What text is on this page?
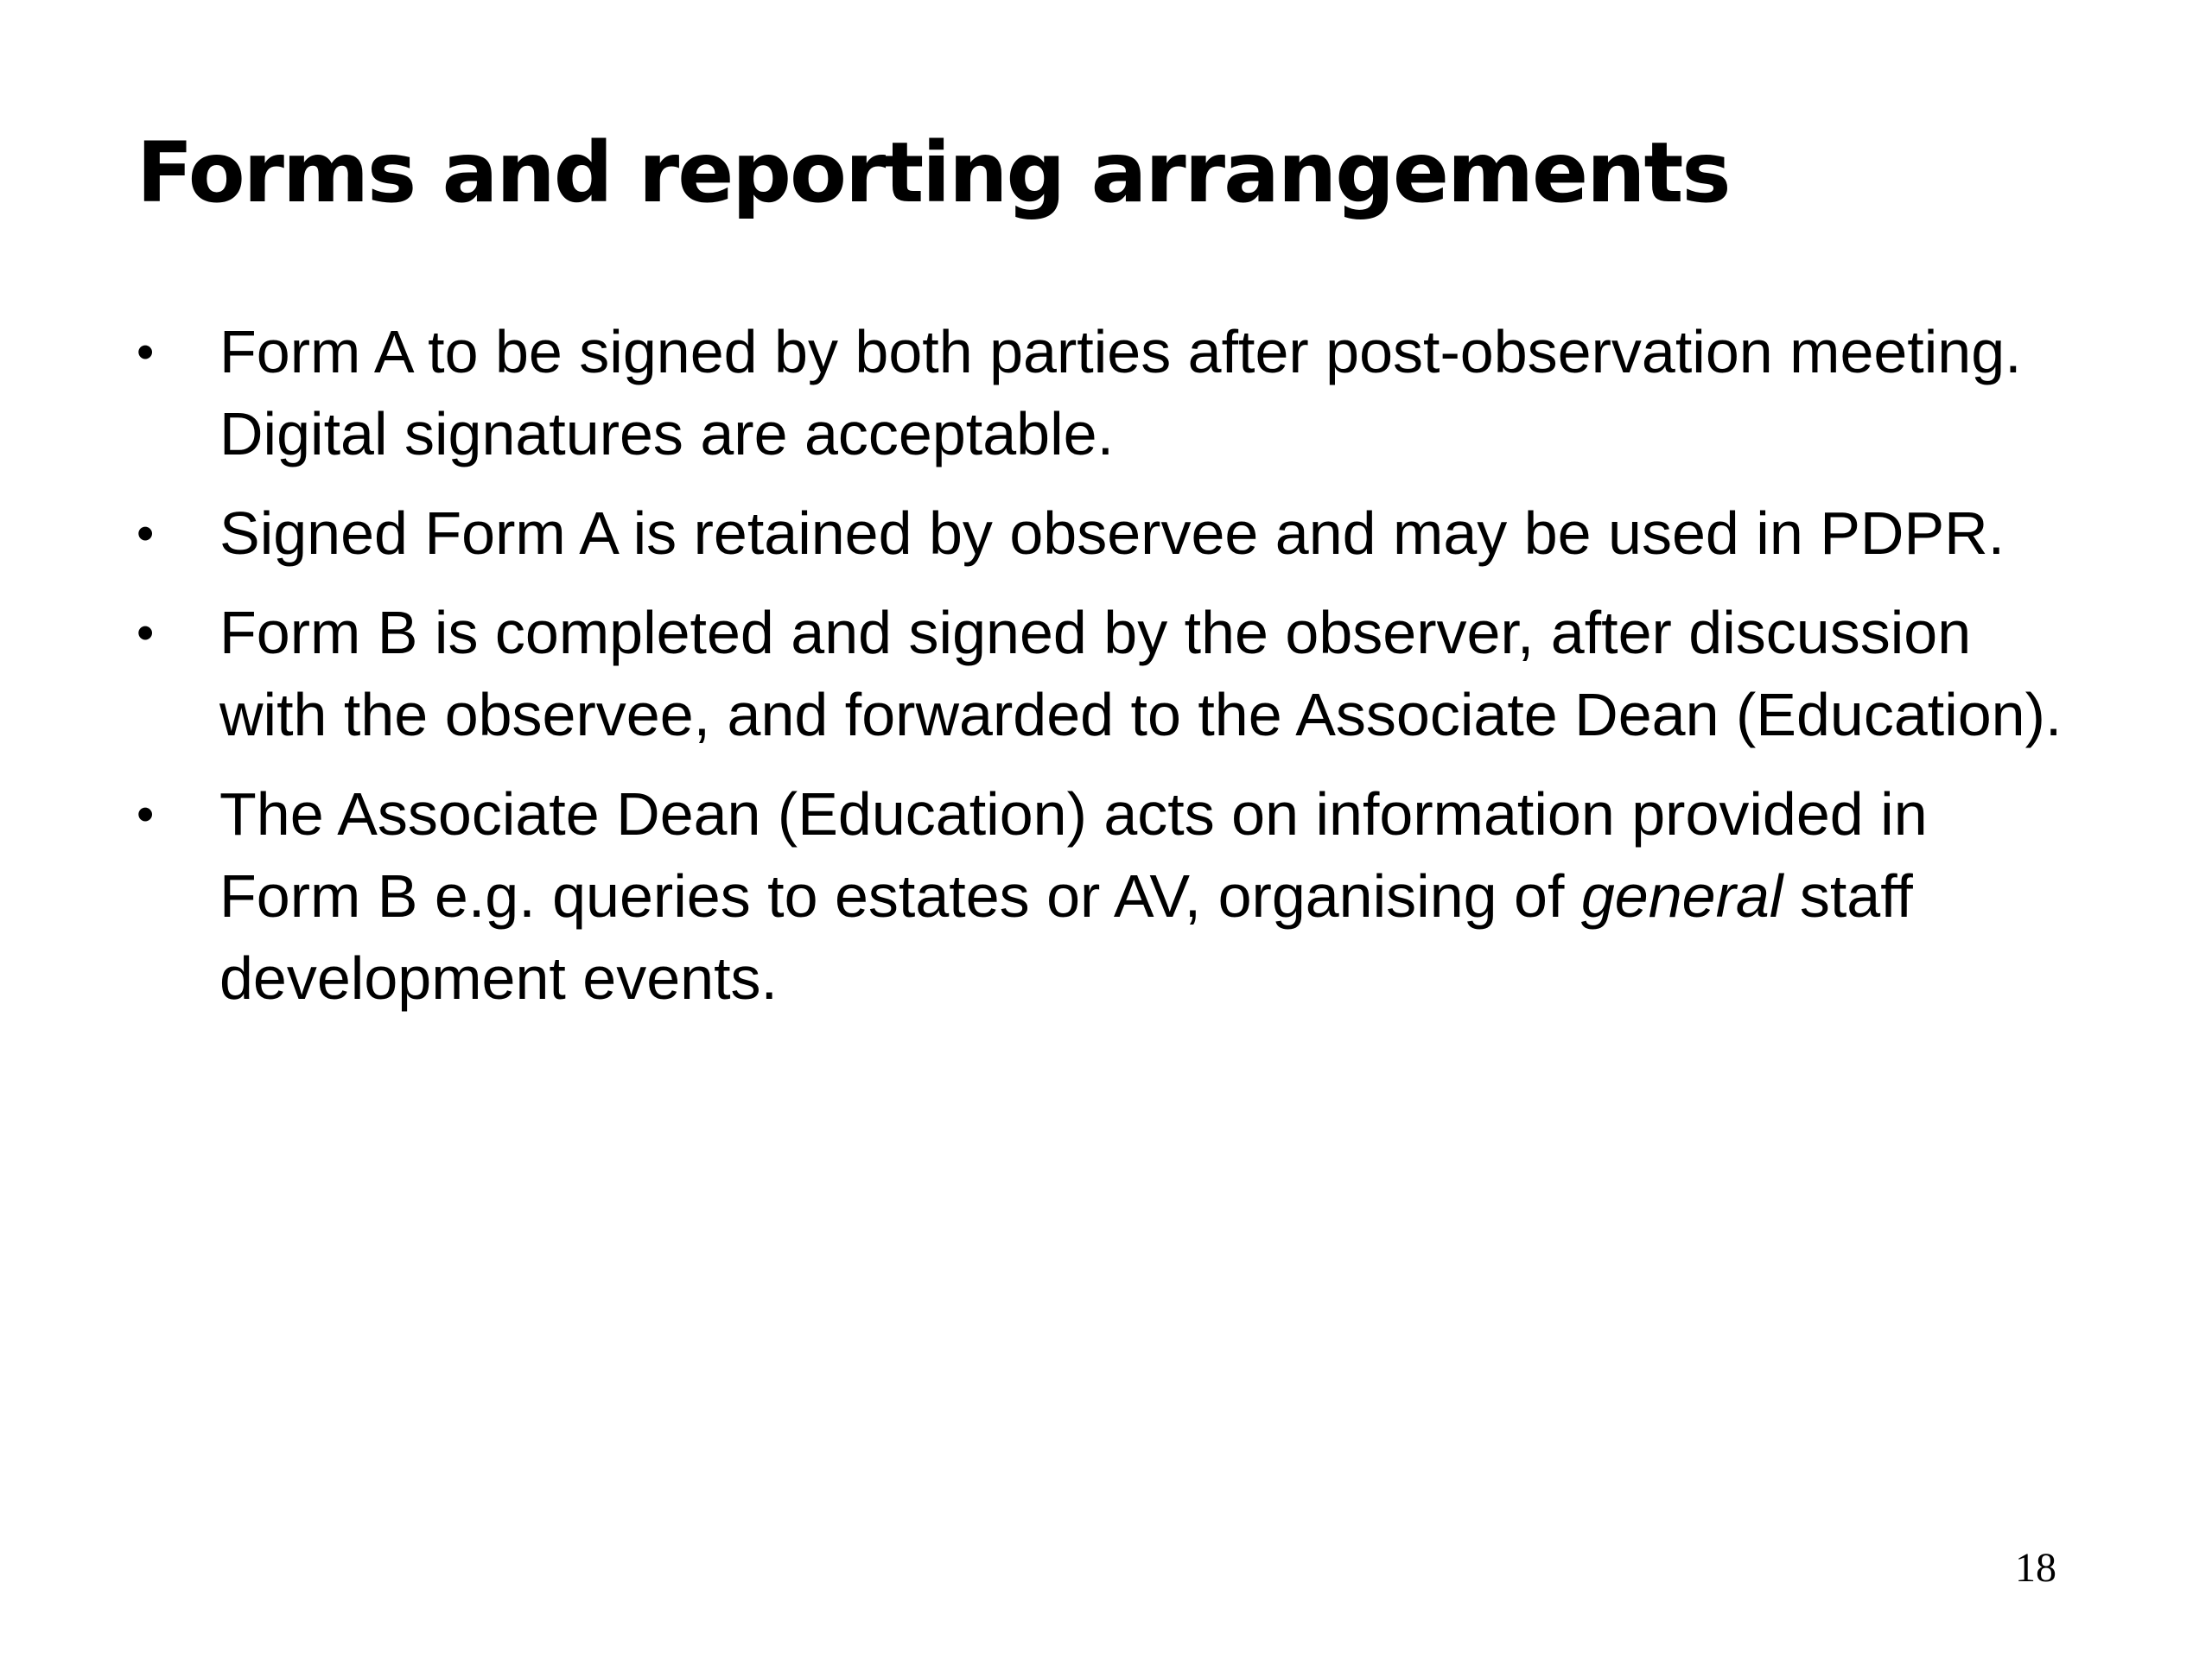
Forms and reporting arrangements
• Form A to be signed by both parties after post-observation meeting. Digital signatures are acceptable.
• Signed Form A is retained by observee and may be used in PDPR.
• Form B is completed and signed by the observer, after discussion with the observee, and forwarded to the Associate Dean (Education).
• The Associate Dean (Education) acts on information provided in Form B e.g. queries to estates or AV, organising of general staff development events.
18
